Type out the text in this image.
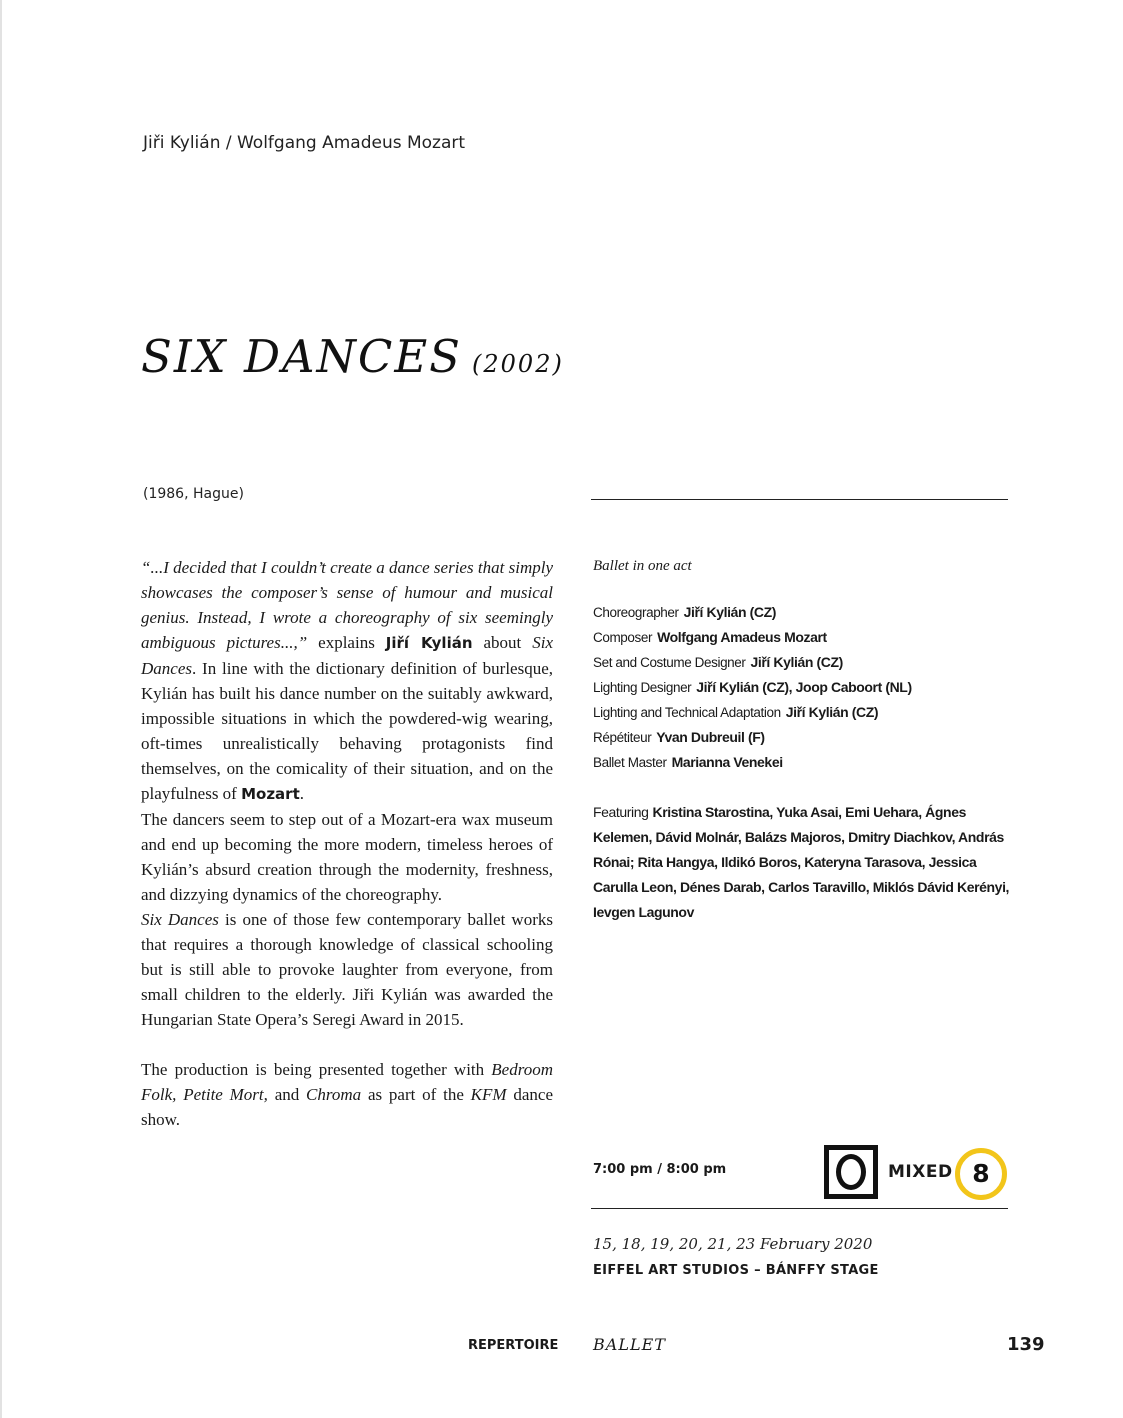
Jiři Kylián / Wolfgang Amadeus Mozart
SIX DANCES (2002)
(1986, Hague)

“...I decided that I couldn’t create a dance series that simply showcases the composer’s sense of humour and musical genius. Instead, I wrote a choreography of six seemingly ambiguous pictures...,” explains Jiří Kylián about Six Dances. In line with the dictionary definition of burlesque, Kylián has built his dance number on the suitably awkward, impossible situations in which the powdered-wig wearing, oft-times unrealistically behaving protagonists find themselves, on the comicality of their situation, and on the playfulness of Mozart.

The dancers seem to step out of a Mozart-era wax museum and end up becoming the more modern, timeless heroes of Kylián’s absurd creation through the modernity, freshness, and dizzying dynamics of the choreography.

Six Dances is one of those few contemporary ballet works that requires a thorough knowledge of classical schooling but is still able to provoke laughter from everyone, from small children to the elderly. Jiři Kylián was awarded the Hungarian State Opera’s Seregi Award in 2015.

The production is being presented together with Bedroom Folk, Petite Mort, and Chroma as part of the KFM dance show.

Ballet in one act
Choreographer Jiří Kylián (CZ)
Composer Wolfgang Amadeus Mozart
Set and Costume Designer Jiří Kylián (CZ)
Lighting Designer Jiří Kylián (CZ), Joop Caboort (NL)
Lighting and Technical Adaptation Jiří Kylián (CZ)
Répétiteur Yvan Dubreuil (F)
Ballet Master Marianna Venekei
Featuring Kristina Starostina, Yuka Asai, Emi Uehara, Ágnes Kelemen, Dávid Molnár, Balázs Majoros, Dmitry Diachkov, András Rónai; Rita Hangya, Ildikó Boros, Kateryna Tarasova, Jessica Carulla Leon, Dénes Darab, Carlos Taravillo, Miklós Dávid Kerényi, Ievgen Lagunov
7:00 pm / 8:00 pm	MIXED 8
15, 18, 19, 20, 21, 23 February 2020
EIFFEL ART STUDIOS – BÁNFFY STAGE
REPERTOIRE BALLET	139
